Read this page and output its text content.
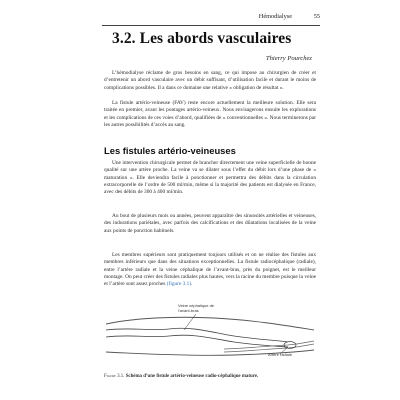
Hémodialyse	55
3.2. Les abords vasculaires
Thierry Pourchez

L’hémodialyse réclame de gros besoins en sang, ce qui impose au chirurgien de créer et d’entretenir un abord vasculaire avec un débit suffisant, d’utilisation facile et durant le moins de complications possibles. Il a dans ce domaine une relative « obligation de résultat ».

La fistule artério-veineuse (FAV) reste encore actuellement la meilleure solution. Elle sera traitée en premier, avant les pontages artério-veineux. Nous envisagerons ensuite les explorations et les complications de ces voies d’abord, qualifiées de « conventionnelles ». Nous terminerons par les autres possibilités d’accès au sang.

Les fistules artério-veineuses

Une intervention chirurgicale permet de brancher directement une veine superficielle de bonne qualité sur une artère proche. La veine va se dilater sous l’effet du débit lors d’une phase de « maturation ». Elle deviendra facile à ponctionner et permettra des débits dans la circulation extracorporelle de l’ordre de 500 ml/min, même si la majorité des patients est dialysée en France, avec des débits de 300 à 400 ml/min.

Au bout de plusieurs mois ou années, peuvent apparaître des sinuosités artérielles et veineuses, des indurations pariétales, avec parfois des calcifications et des dilatations localisées de la veine aux points de ponction habituels.

Les membres supérieurs sont pratiquement toujours utilisés et on ne réalise des fistules aux membres inférieurs que dans des situations exceptionnelles. La fistule radiocéphalique (radiale), entre l’artère radiale et la veine céphalique de l’avant-bras, près du poignet, est le meilleur montage. On peut créer des fistules radiales plus hautes, vers la racine du membre puisque la veine et l’artère sont assez proches (figure 3.1).

Veine céphalique de l’avant-bras
Artère radiale

Figure 3.1. Schéma d’une fistule artério-veineuse radio-céphalique mature.
